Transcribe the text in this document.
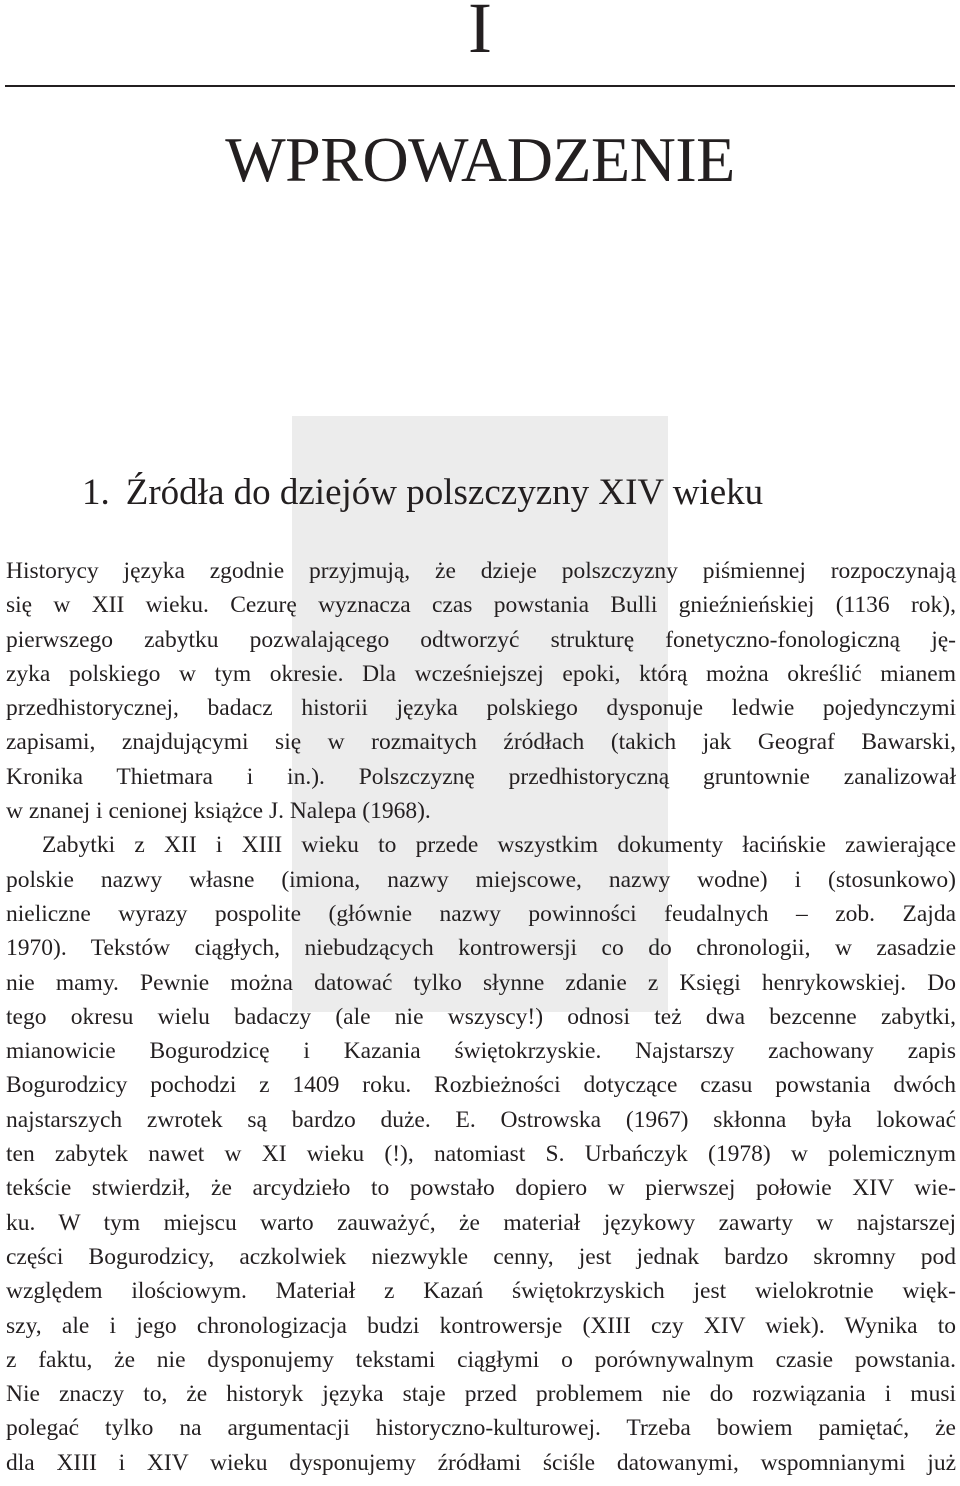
I
WPROWADZENIE
1. Źródła do dziejów polszczyzny XIV wieku
Historycy języka zgodnie przyjmują, że dzieje polszczyzny piśmiennej rozpoczynają
się w XII wieku. Cezurę wyznacza czas powstania Bulli gnieźnieńskiej (1136 rok),
pierwszego zabytku pozwalającego odtworzyć strukturę fonetyczno-fonologiczną ję-
zyka polskiego w tym okresie. Dla wcześniejszej epoki, którą można określić mianem
przedhistorycznej, badacz historii języka polskiego dysponuje ledwie pojedynczymi
zapisami, znajdującymi się w rozmaitych źródłach (takich jak Geograf Bawarski,
Kronika Thietmara i in.). Polszczyznę przedhistoryczną gruntownie zanalizował
w znanej i cenionej książce J. Nalepa (1968).
Zabytki z XII i XIII wieku to przede wszystkim dokumenty łacińskie zawierające
polskie nazwy własne (imiona, nazwy miejscowe, nazwy wodne) i (stosunkowo)
nieliczne wyrazy pospolite (głównie nazwy powinności feudalnych – zob. Zajda
1970). Tekstów ciągłych, niebudzących kontrowersji co do chronologii, w zasadzie
nie mamy. Pewnie można datować tylko słynne zdanie z Księgi henrykowskiej. Do
tego okresu wielu badaczy (ale nie wszyscy!) odnosi też dwa bezcenne zabytki,
mianowicie Bogurodzicę i Kazania świętokrzyskie. Najstarszy zachowany zapis
Bogurodzicy pochodzi z 1409 roku. Rozbieżności dotyczące czasu powstania dwóch
najstarszych zwrotek są bardzo duże. E. Ostrowska (1967) skłonna była lokować
ten zabytek nawet w XI wieku (!), natomiast S. Urbańczyk (1978) w polemicznym
tekście stwierdził, że arcydzieło to powstało dopiero w pierwszej połowie XIV wie-
ku. W tym miejscu warto zauważyć, że materiał językowy zawarty w najstarszej
części Bogurodzicy, aczkolwiek niezwykle cenny, jest jednak bardzo skromny pod
względem ilościowym. Materiał z Kazań świętokrzyskich jest wielokrotnie więk-
szy, ale i jego chronologizacja budzi kontrowersje (XIII czy XIV wiek). Wynika to
z faktu, że nie dysponujemy tekstami ciągłymi o porównywalnym czasie powstania.
Nie znaczy to, że historyk języka staje przed problemem nie do rozwiązania i musi
polegać tylko na argumentacji historyczno-kulturowej. Trzeba bowiem pamiętać, że
dla XIII i XIV wieku dysponujemy źródłami ściśle datowanymi, wspomnianymi już
